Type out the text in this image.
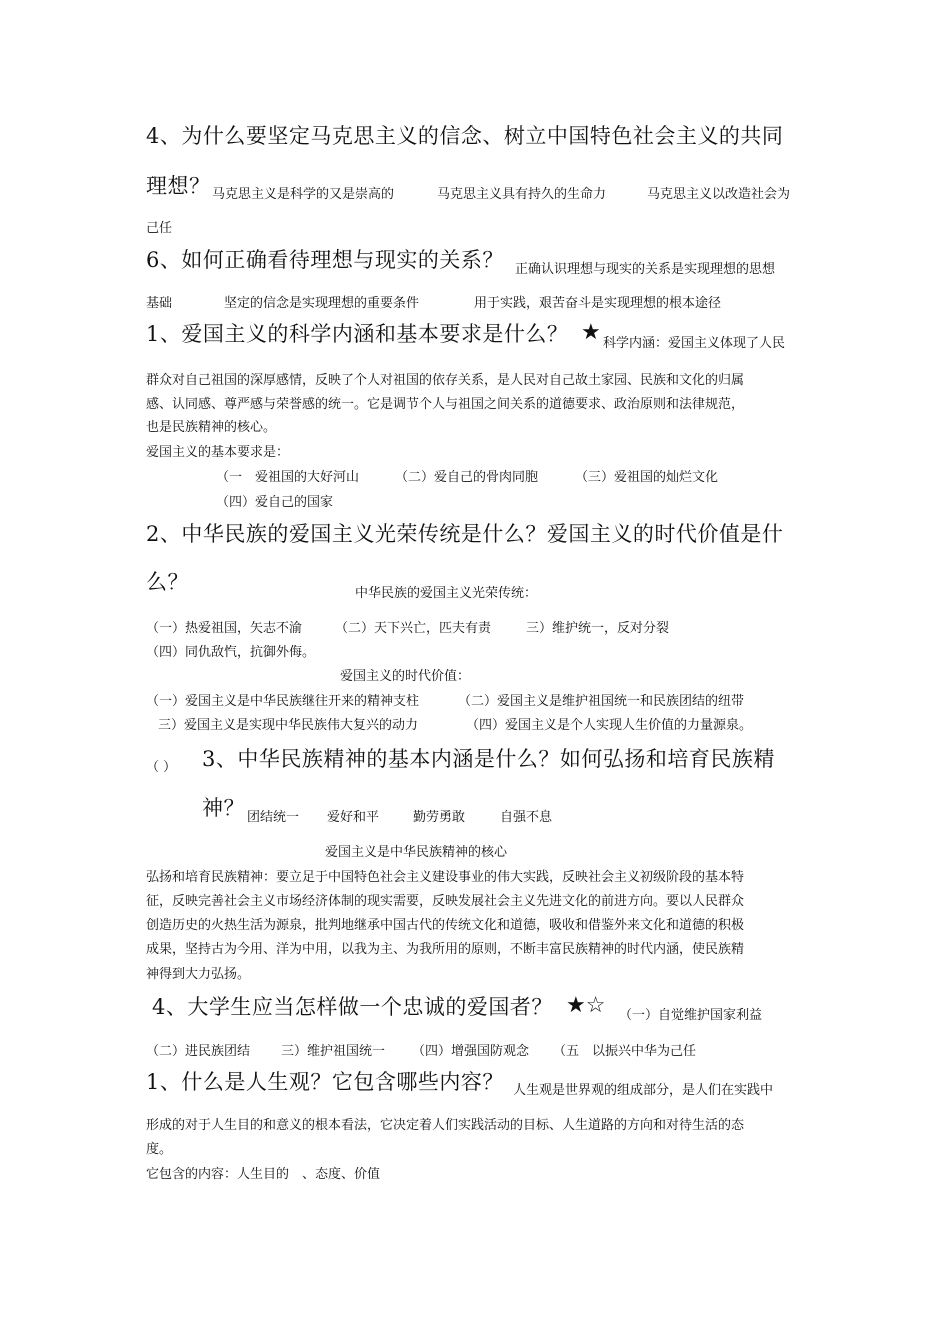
4、为什么要坚定马克思主义的信念、树立中国特色社会主义的共同
理想？ 马克思主义是科学的又是崇高的	马克思主义具有持久的生命力	马克思主义以改造社会为
己任
6、如何正确看待理想与现实的关系？ 正确认识理想与现实的关系是实现理想的思想
基础	坚定的信念是实现理想的重要条件	用于实践，艰苦奋斗是实现理想的根本途径
1、爱国主义的科学内涵和基本要求是什么？ ★ 科学内涵：爱国主义体现了人民
群众对自己祖国的深厚感情，反映了个人对祖国的依存关系，是人民对自己故土家园、民族和文化的归属
感、认同感、尊严感与荣誉感的统一。它是调节个人与祖国之间关系的道德要求、政治原则和法律规范，
也是民族精神的核心。
爱国主义的基本要求是：
（一　爱祖国的大好河山	（二）爱自己的骨肉同胞	（三）爱祖国的灿烂文化
（四）爱自己的国家
2、中华民族的爱国主义光荣传统是什么？爱国主义的时代价值是什
么？	中华民族的爱国主义光荣传统：
（一）热爱祖国，矢志不渝	（二）天下兴亡，匹夫有责	三）维护统一，反对分裂
（四）同仇敌忾，抗御外侮。
爱国主义的时代价值：
（一）爱国主义是中华民族继往开来的精神支柱	（二）爱国主义是维护祖国统一和民族团结的纽带
三）爱国主义是实现中华民族伟大复兴的动力	（四）爱国主义是个人实现人生价值的力量源泉。
（ ） 3、中华民族精神的基本内涵是什么？如何弘扬和培育民族精
神？ 团结统一 爱好和平	勤劳勇敢	自强不息
爱国主义是中华民族精神的核心
弘扬和培育民族精神：要立足于中国特色社会主义建设事业的伟大实践，反映社会主义初级阶段的基本特
征，反映完善社会主义市场经济体制的现实需要，反映发展社会主义先进文化的前进方向。要以人民群众
创造历史的火热生活为源泉，批判地继承中国古代的传统文化和道德，吸收和借鉴外来文化和道德的积极
成果，坚持古为今用、洋为中用，以我为主、为我所用的原则，不断丰富民族精神的时代内涵，使民族精
神得到大力弘扬。
4、大学生应当怎样做一个忠诚的爱国者？ ★☆ （一）自觉维护国家利益
（二）进民族团结 三）维护祖国统一 （四）增强国防观念 （五　以振兴中华为己任
1、什么是人生观？它包含哪些内容？ 人生观是世界观的组成部分，是人们在实践中
形成的对于人生目的和意义的根本看法，它决定着人们实践活动的目标、人生道路的方向和对待生活的态
度。
它包含的内容：人生目的　、态度、价值
